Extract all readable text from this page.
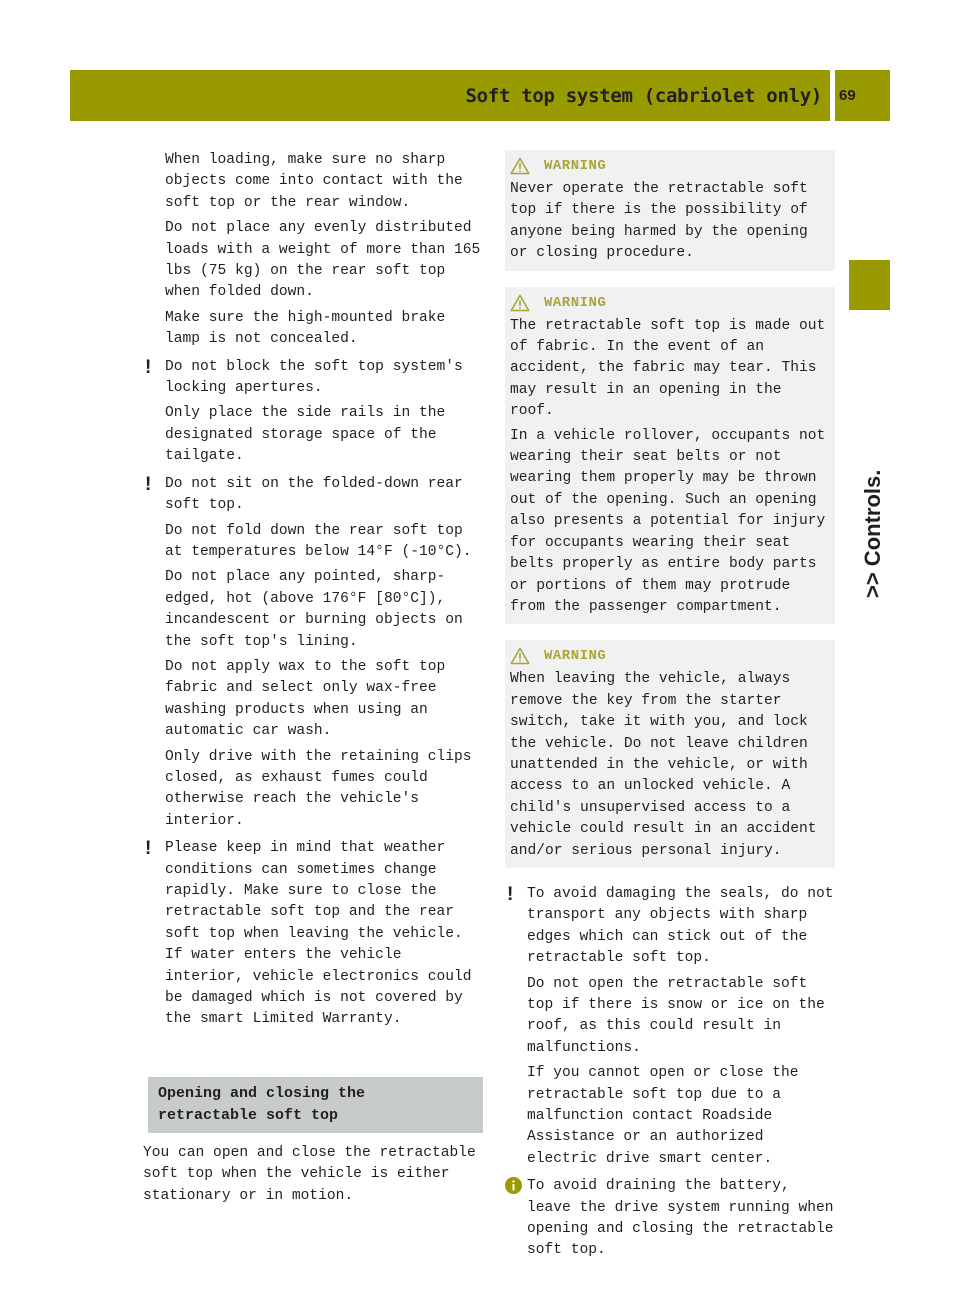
Soft top system (cabriolet only) 69
>> Controls.

When loading, make sure no sharp objects come into contact with the soft top or the rear window.

Do not place any evenly distributed loads with a weight of more than 165 lbs (75 kg) on the rear soft top when folded down.

Make sure the high-mounted brake lamp is not concealed.

! Do not block the soft top system's locking apertures.

Only place the side rails in the designated storage space of the tailgate.

! Do not sit on the folded-down rear soft top.

Do not fold down the rear soft top at temperatures below 14°F (-10°C).

Do not place any pointed, sharp-edged, hot (above 176°F [80°C]), incandescent or burning objects on the soft top's lining.

Do not apply wax to the soft top fabric and select only wax-free washing products when using an automatic car wash.

Only drive with the retaining clips closed, as exhaust fumes could otherwise reach the vehicle's interior.

! Please keep in mind that weather conditions can sometimes change rapidly. Make sure to close the retractable soft top and the rear soft top when leaving the vehicle. If water enters the vehicle interior, vehicle electronics could be damaged which is not covered by the smart Limited Warranty.

Opening and closing the retractable soft top

You can open and close the retractable soft top when the vehicle is either stationary or in motion.

WARNING

Never operate the retractable soft top if there is the possibility of anyone being harmed by the opening or closing procedure.

WARNING

The retractable soft top is made out of fabric. In the event of an accident, the fabric may tear. This may result in an opening in the roof.

In a vehicle rollover, occupants not wearing their seat belts or not wearing them properly may be thrown out of the opening. Such an opening also presents a potential for injury for occupants wearing their seat belts properly as entire body parts or portions of them may protrude from the passenger compartment.

WARNING

When leaving the vehicle, always remove the key from the starter switch, take it with you, and lock the vehicle. Do not leave children unattended in the vehicle, or with access to an unlocked vehicle. A child's unsupervised access to a vehicle could result in an accident and/or serious personal injury.

! To avoid damaging the seals, do not transport any objects with sharp edges which can stick out of the retractable soft top.

Do not open the retractable soft top if there is snow or ice on the roof, as this could result in malfunctions.

If you cannot open or close the retractable soft top due to a malfunction contact Roadside Assistance or an authorized electric drive smart center.

To avoid draining the battery, leave the drive system running when opening and closing the retractable soft top.
